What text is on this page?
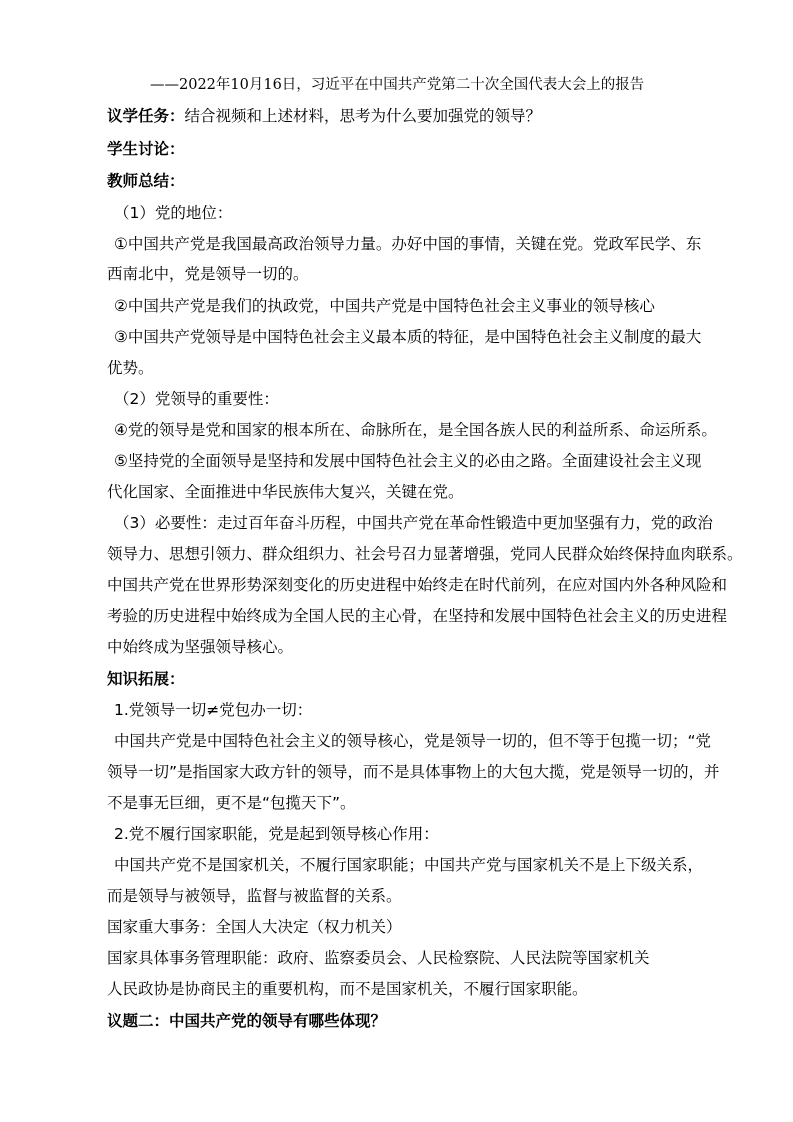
——2022年10月16日，习近平在中国共产党第二十次全国代表大会上的报告
议学任务：结合视频和上述材料，思考为什么要加强党的领导？
学生讨论：
教师总结：
（1）党的地位：
①中国共产党是我国最高政治领导力量。办好中国的事情，关键在党。党政军民学、东
西南北中，党是领导一切的。
②中国共产党是我们的执政党，中国共产党是中国特色社会主义事业的领导核心
③中国共产党领导是中国特色社会主义最本质的特征，是中国特色社会主义制度的最大
优势。
（2）党领导的重要性：
④党的领导是党和国家的根本所在、命脉所在，是全国各族人民的利益所系、命运所系。
⑤坚持党的全面领导是坚持和发展中国特色社会主义的必由之路。全面建设社会主义现
代化国家、全面推进中华民族伟大复兴，关键在党。
（3）必要性：走过百年奋斗历程，中国共产党在革命性锻造中更加坚强有力，党的政治
领导力、思想引领力、群众组织力、社会号召力显著增强，党同人民群众始终保持血肉联系。
中国共产党在世界形势深刻变化的历史进程中始终走在时代前列，在应对国内外各种风险和
考验的历史进程中始终成为全国人民的主心骨，在坚持和发展中国特色社会主义的历史进程
中始终成为坚强领导核心。
知识拓展：
1.党领导一切≠党包办一切：
中国共产党是中国特色社会主义的领导核心，党是领导一切的，但不等于包揽一切；“党
领导一切”是指国家大政方针的领导，而不是具体事物上的大包大揽，党是领导一切的，并
不是事无巨细，更不是“包揽天下”。
2.党不履行国家职能，党是起到领导核心作用：
中国共产党不是国家机关，不履行国家职能；中国共产党与国家机关不是上下级关系，
而是领导与被领导，监督与被监督的关系。
国家重大事务：全国人大决定（权力机关）
国家具体事务管理职能：政府、监察委员会、人民检察院、人民法院等国家机关
人民政协是协商民主的重要机构，而不是国家机关，不履行国家职能。
议题二：中国共产党的领导有哪些体现？
